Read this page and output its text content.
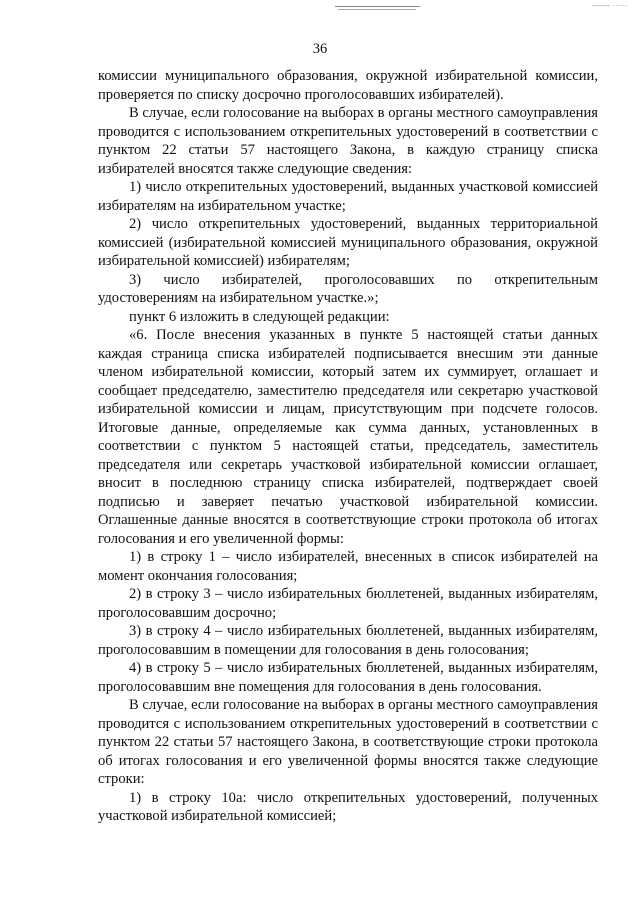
—— ·····
36

комиссии муниципального образования, окружной избирательной комиссии, проверяется по списку досрочно проголосовавших избирателей).

В случае, если голосование на выборах в органы местного самоуправления проводится с использованием открепительных удостоверений в соответствии с пунктом 22 статьи 57 настоящего Закона, в каждую страницу списка избирателей вносятся также следующие сведения:

1) число открепительных удостоверений, выданных участковой комиссией избирателям на избирательном участке;

2) число открепительных удостоверений, выданных территориальной комиссией (избирательной комиссией муниципального образования, окружной избирательной комиссией) избирателям;

3) число избирателей, проголосовавших по открепительным удостоверениям на избирательном участке.»;

пункт 6 изложить в следующей редакции:

«6. После внесения указанных в пункте 5 настоящей статьи данных каждая страница списка избирателей подписывается внесшим эти данные членом избирательной комиссии, который затем их суммирует, оглашает и сообщает председателю, заместителю председателя или секретарю участковой избирательной комиссии и лицам, присутствующим при подсчете голосов. Итоговые данные, определяемые как сумма данных, установленных в соответствии с пунктом 5 настоящей статьи, председатель, заместитель председателя или секретарь участковой избирательной комиссии оглашает, вносит в последнюю страницу списка избирателей, подтверждает своей подписью и заверяет печатью участковой избирательной комиссии. Оглашенные данные вносятся в соответствующие строки протокола об итогах голосования и его увеличенной формы:

1) в строку 1 – число избирателей, внесенных в список избирателей на момент окончания голосования;

2) в строку 3 – число избирательных бюллетеней, выданных избирателям, проголосовавшим досрочно;

3) в строку 4 – число избирательных бюллетеней, выданных избирателям, проголосовавшим в помещении для голосования в день голосования;

4) в строку 5 – число избирательных бюллетеней, выданных избирателям, проголосовавшим вне помещения для голосования в день голосования.

В случае, если голосование на выборах в органы местного самоуправления проводится с использованием открепительных удостоверений в соответствии с пунктом 22 статьи 57 настоящего Закона, в соответствующие строки протокола об итогах голосования и его увеличенной формы вносятся также следующие строки:

1) в строку 10а: число открепительных удостоверений, полученных участковой избирательной комиссией;
